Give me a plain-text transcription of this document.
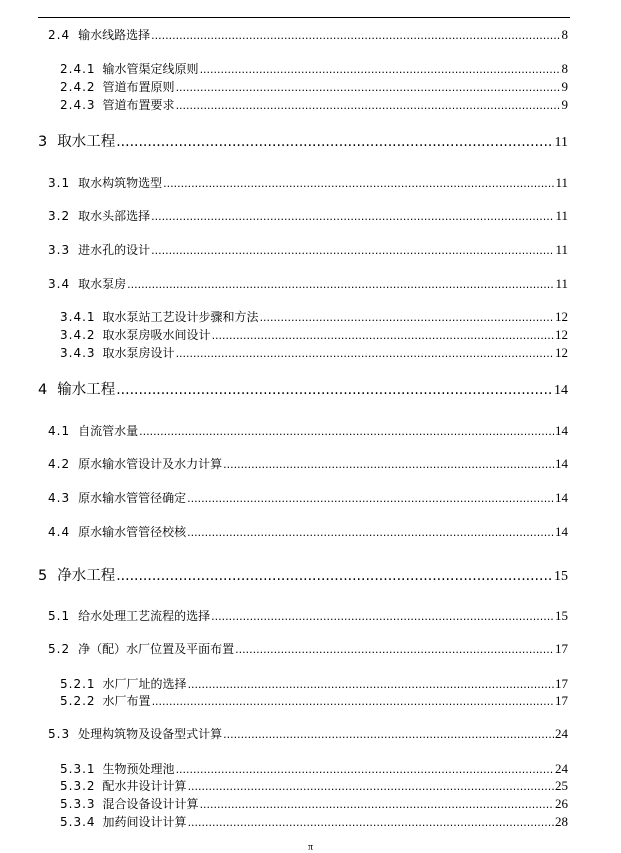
2.4 输水线路选择 .....	8
2.4.1 输水管渠定线原则 .....	8
2.4.2 管道布置原则 .....	9
2.4.3 管道布置要求 .....	9
3 取水工程 .....	11
3.1 取水构筑物选型 .....	11
3.2 取水头部选择 .....	11
3.3 进水孔的设计 .....	11
3.4 取水泵房 .....	11
3.4.1 取水泵站工艺设计步骤和方法 .....	12
3.4.2 取水泵房吸水间设计 .....	12
3.4.3 取水泵房设计 .....	12
4 输水工程 .....	14
4.1 自流管水量 .....	14
4.2 原水输水管设计及水力计算 .....	14
4.3 原水输水管管径确定 .....	14
4.4 原水输水管管径校核 .....	14
5 净水工程 .....	15
5.1 给水处理工艺流程的选择 .....	15
5.2 净（配）水厂位置及平面布置 .....	17
5.2.1 水厂厂址的选择 .....	17
5.2.2 水厂布置 .....	17
5.3 处理构筑物及设备型式计算 .....	24
5.3.1 生物预处理池 .....	24
5.3.2 配水井设计计算 .....	25
5.3.3 混合设备设计计算 .....	26
5.3.4 加药间设计计算 .....	28
π
